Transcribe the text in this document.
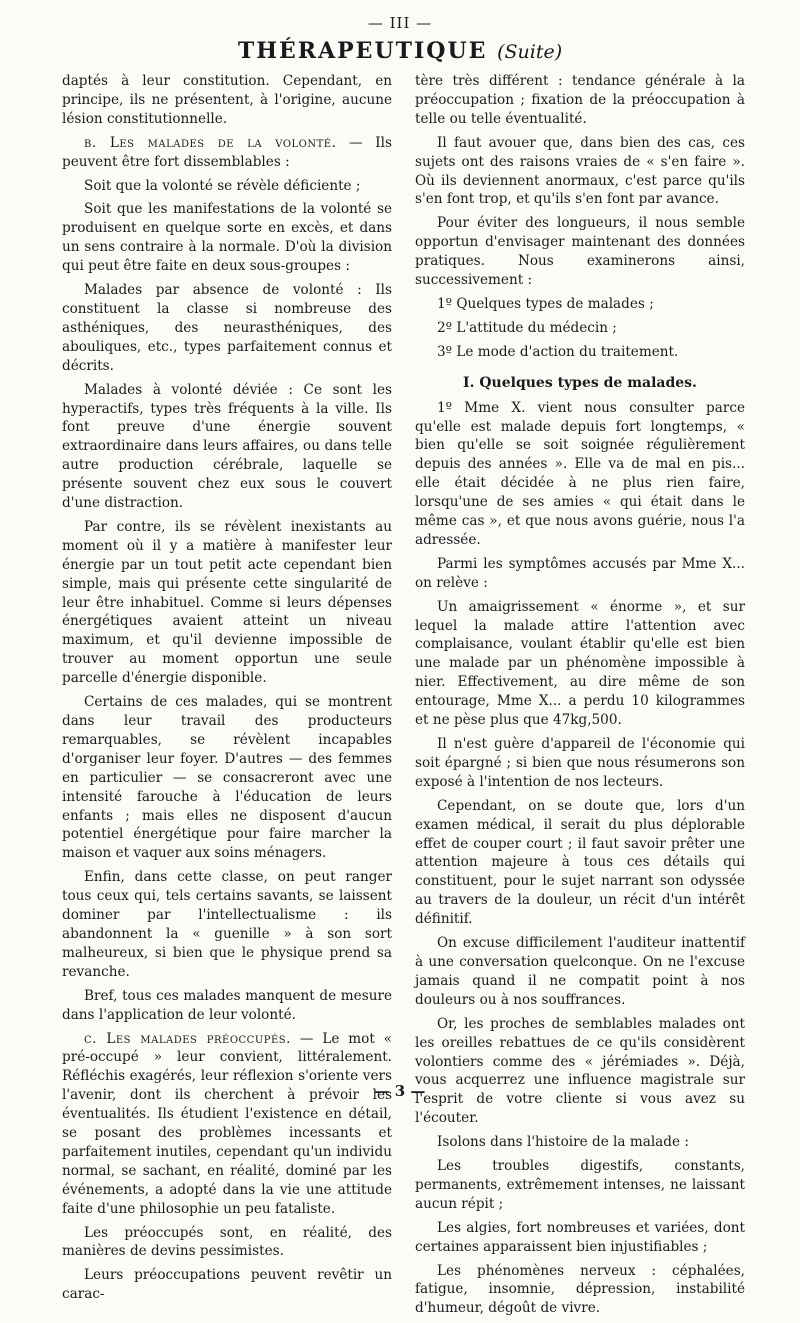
— III —
THÉRAPEUTIQUE (Suite)

daptés à leur constitution. Cependant, en principe, ils ne présentent, à l'origine, aucune lésion constitutionnelle.

b. Les malades de la volonté. — Ils peuvent être fort dissemblables :

Soit que la volonté se révèle déficiente ;

Soit que les manifestations de la volonté se produisent en quelque sorte en excès, et dans un sens contraire à la normale. D'où la division qui peut être faite en deux sous-groupes :

Malades par absence de volonté : Ils constituent la classe si nombreuse des asthéniques, des neurasthéniques, des abouliques, etc., types parfaitement connus et décrits.

Malades à volonté déviée : Ce sont les hyperactifs, types très fréquents à la ville. Ils font preuve d'une énergie souvent extraordinaire dans leurs affaires, ou dans telle autre production cérébrale, laquelle se présente souvent chez eux sous le couvert d'une distraction.

Par contre, ils se révèlent inexistants au moment où il y a matière à manifester leur énergie par un tout petit acte cependant bien simple, mais qui présente cette singularité de leur être inhabituel. Comme si leurs dépenses énergétiques avaient atteint un niveau maximum, et qu'il devienne impossible de trouver au moment opportun une seule parcelle d'énergie disponible.

Certains de ces malades, qui se montrent dans leur travail des producteurs remarquables, se révèlent incapables d'organiser leur foyer. D'autres — des femmes en particulier — se consacreront avec une intensité farouche à l'éducation de leurs enfants ; mais elles ne disposent d'aucun potentiel énergétique pour faire marcher la maison et vaquer aux soins ménagers.

Enfin, dans cette classe, on peut ranger tous ceux qui, tels certains savants, se laissent dominer par l'intellectualisme : ils abandonnent la « guenille » à son sort malheureux, si bien que le physique prend sa revanche.

Bref, tous ces malades manquent de mesure dans l'application de leur volonté.

c. Les malades préoccupés. — Le mot « pré-occupé » leur convient, littéralement. Réfléchis exagérés, leur réflexion s'oriente vers l'avenir, dont ils cherchent à prévoir les éventualités. Ils étudient l'existence en détail, se posant des problèmes incessants et parfaitement inutiles, cependant qu'un individu normal, se sachant, en réalité, dominé par les événements, a adopté dans la vie une attitude faite d'une philosophie un peu fataliste.

Les préoccupés sont, en réalité, des manières de devins pessimistes.

Leurs préoccupations peuvent revêtir un carac-

tère très différent : tendance générale à la préoccupation ; fixation de la préoccupation à telle ou telle éventualité.

Il faut avouer que, dans bien des cas, ces sujets ont des raisons vraies de « s'en faire ». Où ils deviennent anormaux, c'est parce qu'ils s'en font trop, et qu'ils s'en font par avance.

Pour éviter des longueurs, il nous semble opportun d'envisager maintenant des données pratiques. Nous examinerons ainsi, successivement :

1º Quelques types de malades ;

2º L'attitude du médecin ;

3º Le mode d'action du traitement.

I. Quelques types de malades.

1º Mme X. vient nous consulter parce qu'elle est malade depuis fort longtemps, « bien qu'elle se soit soignée régulièrement depuis des années ». Elle va de mal en pis... elle était décidée à ne plus rien faire, lorsqu'une de ses amies « qui était dans le même cas », et que nous avons guérie, nous l'a adressée.

Parmi les symptômes accusés par Mme X... on relève :

Un amaigrissement « énorme », et sur lequel la malade attire l'attention avec complaisance, voulant établir qu'elle est bien une malade par un phénomène impossible à nier. Effectivement, au dire même de son entourage, Mme X... a perdu 10 kilogrammes et ne pèse plus que 47kg,500.

Il n'est guère d'appareil de l'économie qui soit épargné ; si bien que nous résumerons son exposé à l'intention de nos lecteurs.

Cependant, on se doute que, lors d'un examen médical, il serait du plus déplorable effet de couper court ; il faut savoir prêter une attention majeure à tous ces détails qui constituent, pour le sujet narrant son odyssée au travers de la douleur, un récit d'un intérêt définitif.

On excuse difficilement l'auditeur inattentif à une conversation quelconque. On ne l'excuse jamais quand il ne compatit point à nos douleurs ou à nos souffrances.

Or, les proches de semblables malades ont les oreilles rebattues de ce qu'ils considèrent volontiers comme des « jérémiades ». Déjà, vous acquerrez une influence magistrale sur l'esprit de votre cliente si vous avez su l'écouter.

Isolons dans l'histoire de la malade :

Les troubles digestifs, constants, permanents, extrêmement intenses, ne laissant aucun répit ;

Les algies, fort nombreuses et variées, dont certaines apparaissent bien injustifiables ;

Les phénomènes nerveux : céphalées, fatigue, insomnie, dépression, instabilité d'humeur, dégoût de vivre.

— 3 —
